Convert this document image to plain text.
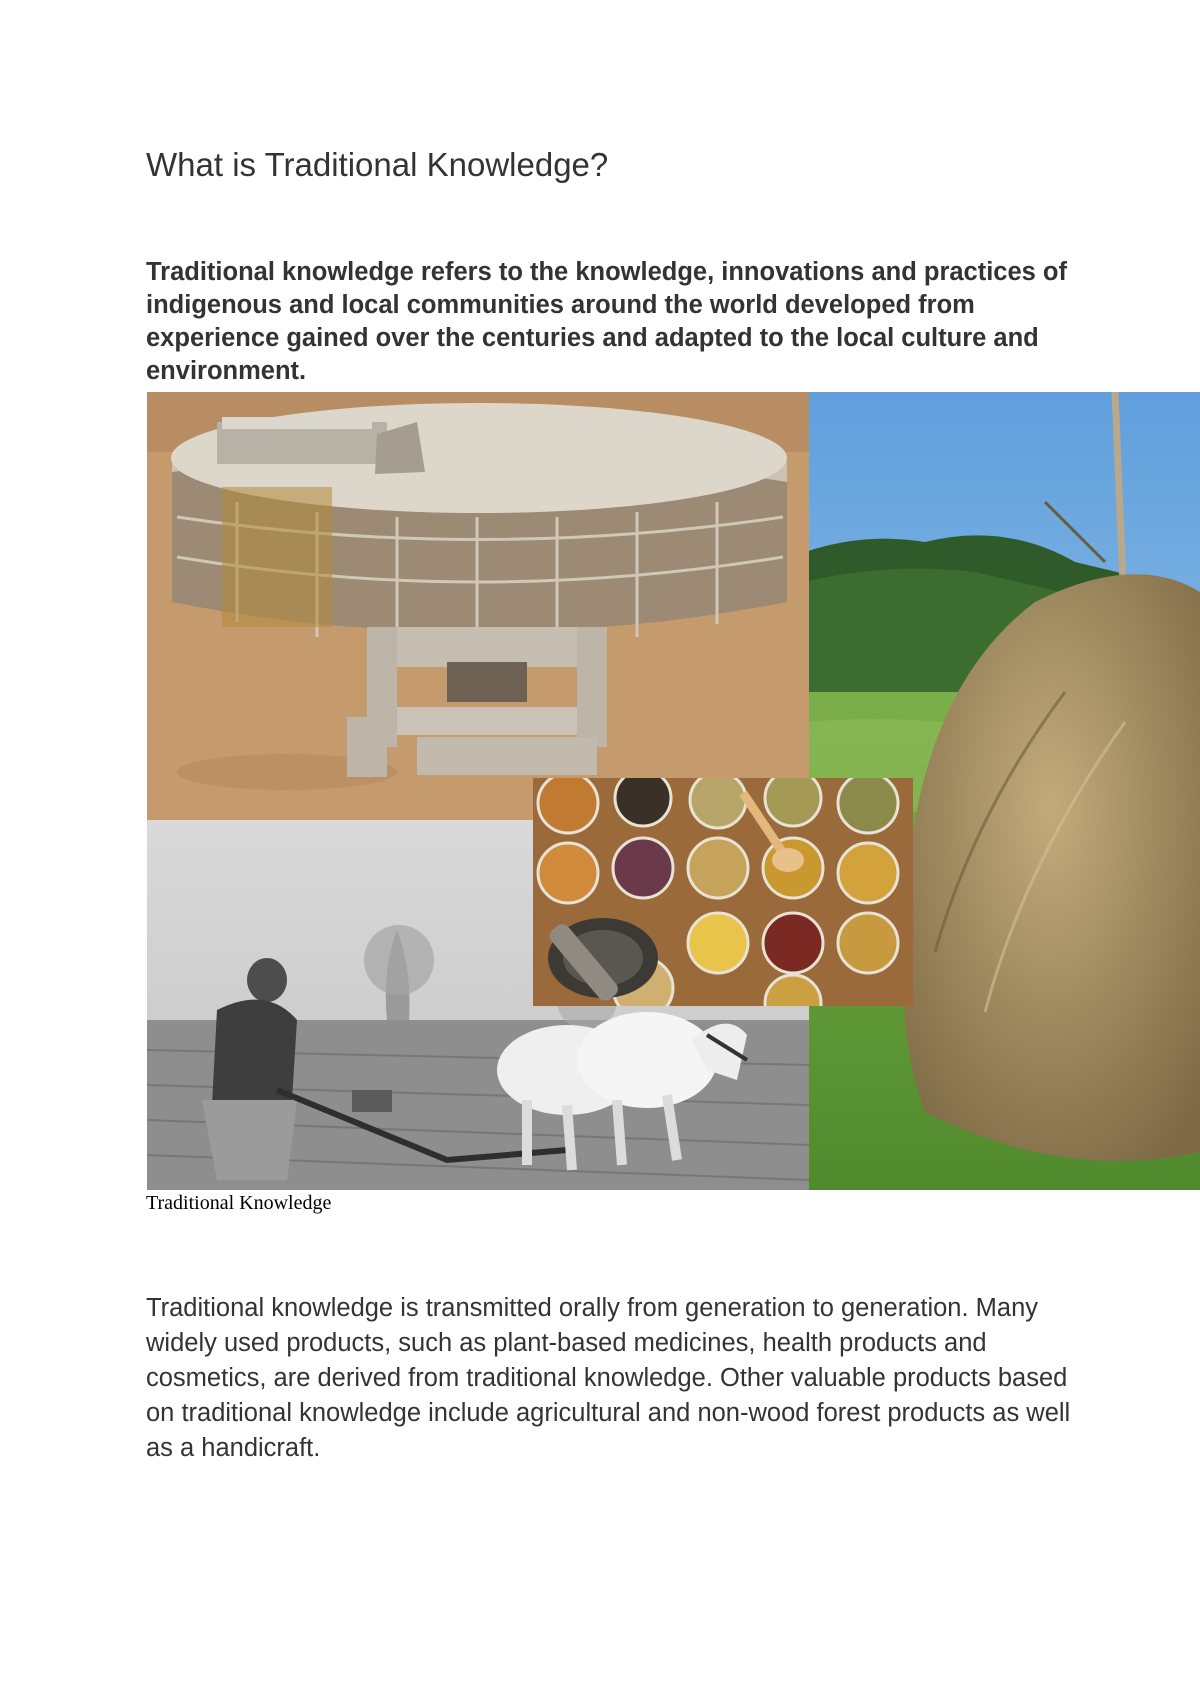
What is Traditional Knowledge?

Traditional knowledge refers to the knowledge, innovations and practices of indigenous and local communities around the world developed from experience gained over the centuries and adapted to the local culture and environment.

Traditional Knowledge

Traditional knowledge is transmitted orally from generation to generation. Many widely used products, such as plant-based medicines, health products and cosmetics, are derived from traditional knowledge. Other valuable products based on traditional knowledge include agricultural and non-wood forest products as well as a handicraft.
